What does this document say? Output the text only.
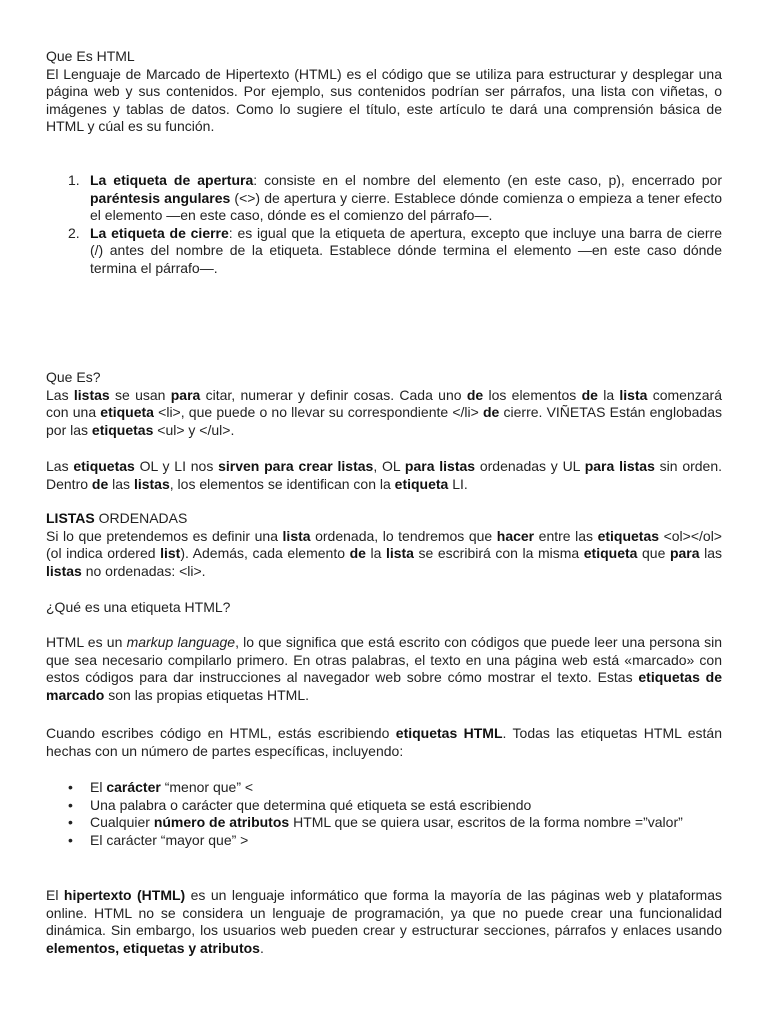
Que Es HTML

El Lenguaje de Marcado de Hipertexto (HTML) es el código que se utiliza para estructurar y desplegar una página web y sus contenidos. Por ejemplo, sus contenidos podrían ser párrafos, una lista con viñetas, o imágenes y tablas de datos. Como lo sugiere el título, este artículo te dará una comprensión básica de HTML y cúal es su función.

1. La etiqueta de apertura: consiste en el nombre del elemento (en este caso, p), encerrado por paréntesis angulares (<>) de apertura y cierre. Establece dónde comienza o empieza a tener efecto el elemento —en este caso, dónde es el comienzo del párrafo—.
2. La etiqueta de cierre: es igual que la etiqueta de apertura, excepto que incluye una barra de cierre (/) antes del nombre de la etiqueta. Establece dónde termina el elemento —en este caso dónde termina el párrafo—.

Que Es?

Las listas se usan para citar, numerar y definir cosas. Cada uno de los elementos de la lista comenzará con una etiqueta <li>, que puede o no llevar su correspondiente </li> de cierre. VIÑETAS Están englobadas por las etiquetas <ul> y </ul>.

Las etiquetas OL y LI nos sirven para crear listas, OL para listas ordenadas y UL para listas sin orden. Dentro de las listas, los elementos se identifican con la etiqueta LI.

LISTAS ORDENADAS

Si lo que pretendemos es definir una lista ordenada, lo tendremos que hacer entre las etiquetas <ol></ol> (ol indica ordered list). Además, cada elemento de la lista se escribirá con la misma etiqueta que para las listas no ordenadas: <li>.

¿Qué es una etiqueta HTML?

HTML es un markup language, lo que significa que está escrito con códigos que puede leer una persona sin que sea necesario compilarlo primero. En otras palabras, el texto en una página web está «marcado» con estos códigos para dar instrucciones al navegador web sobre cómo mostrar el texto. Estas etiquetas de marcado son las propias etiquetas HTML.

Cuando escribes código en HTML, estás escribiendo etiquetas HTML. Todas las etiquetas HTML están hechas con un número de partes específicas, incluyendo:

• El carácter “menor que” <
• Una palabra o carácter que determina qué etiqueta se está escribiendo
• Cualquier número de atributos HTML que se quiera usar, escritos de la forma nombre =”valor”
• El carácter “mayor que” >

El hipertexto (HTML) es un lenguaje informático que forma la mayoría de las páginas web y plataformas online. HTML no se considera un lenguaje de programación, ya que no puede crear una funcionalidad dinámica. Sin embargo, los usuarios web pueden crear y estructurar secciones, párrafos y enlaces usando elementos, etiquetas y atributos.
